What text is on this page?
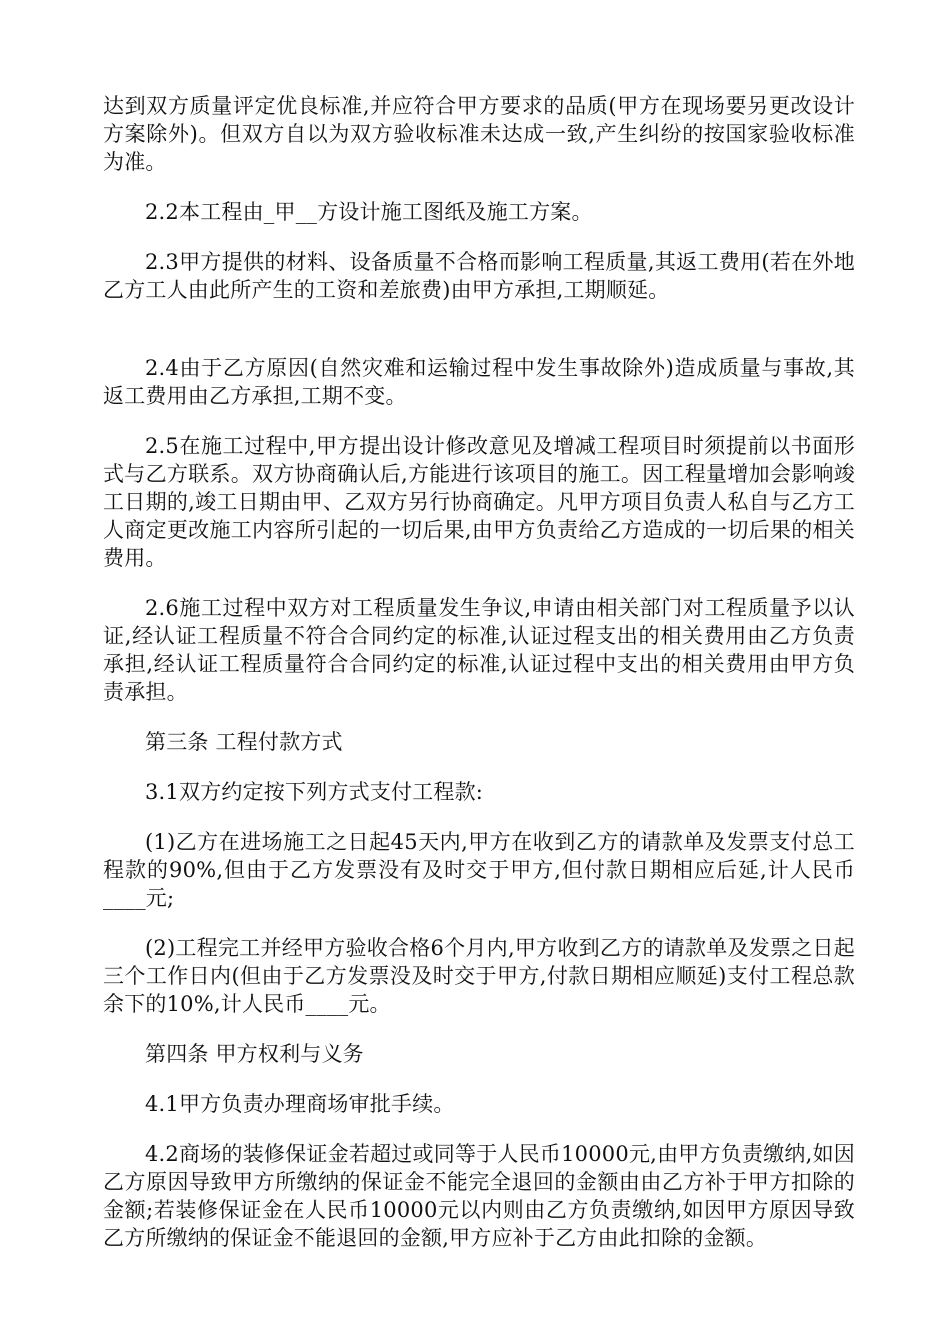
达到双方质量评定优良标准,并应符合甲方要求的品质(甲方在现场要另更改设计方案除外)。但双方自以为双方验收标准未达成一致,产生纠纷的按国家验收标准为准。

2.2本工程由_甲__方设计施工图纸及施工方案。

2.3甲方提供的材料、设备质量不合格而影响工程质量,其返工费用(若在外地乙方工人由此所产生的工资和差旅费)由甲方承担,工期顺延。

2.4由于乙方原因(自然灾难和运输过程中发生事故除外)造成质量与事故,其返工费用由乙方承担,工期不变。

2.5在施工过程中,甲方提出设计修改意见及增减工程项目时须提前以书面形式与乙方联系。双方协商确认后,方能进行该项目的施工。因工程量增加会影响竣工日期的,竣工日期由甲、乙双方另行协商确定。凡甲方项目负责人私自与乙方工人商定更改施工内容所引起的一切后果,由甲方负责给乙方造成的一切后果的相关费用。

2.6施工过程中双方对工程质量发生争议,申请由相关部门对工程质量予以认证,经认证工程质量不符合合同约定的标准,认证过程支出的相关费用由乙方负责承担,经认证工程质量符合合同约定的标准,认证过程中支出的相关费用由甲方负责承担。

第三条 工程付款方式

3.1双方约定按下列方式支付工程款:

(1)乙方在进场施工之日起45天内,甲方在收到乙方的请款单及发票支付总工程款的90%,但由于乙方发票没有及时交于甲方,但付款日期相应后延,计人民币____元;

(2)工程完工并经甲方验收合格6个月内,甲方收到乙方的请款单及发票之日起三个工作日内(但由于乙方发票没及时交于甲方,付款日期相应顺延)支付工程总款余下的10%,计人民币____元。

第四条 甲方权利与义务

4.1甲方负责办理商场审批手续。

4.2商场的装修保证金若超过或同等于人民币10000元,由甲方负责缴纳,如因乙方原因导致甲方所缴纳的保证金不能完全退回的金额由由乙方补于甲方扣除的金额;若装修保证金在人民币10000元以内则由乙方负责缴纳,如因甲方原因导致乙方所缴纳的保证金不能退回的金额,甲方应补于乙方由此扣除的金额。
